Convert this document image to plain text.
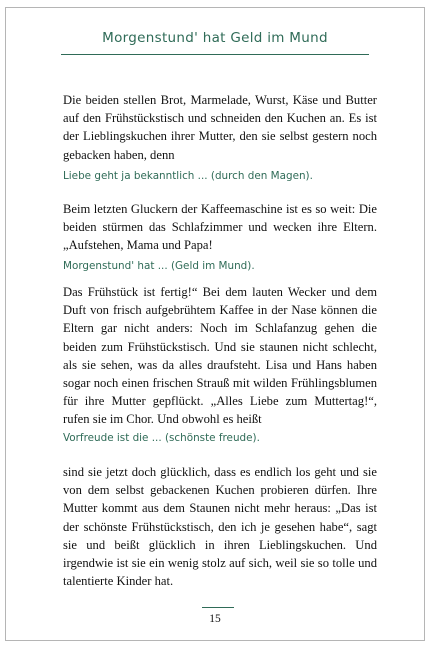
Morgenstund' hat Geld im Mund

Die beiden stellen Brot, Marmelade, Wurst, Käse und Butter auf den Frühstückstisch und schneiden den Kuchen an. Es ist der Lieblingskuchen ihrer Mutter, den sie selbst gestern noch gebacken haben, denn

Liebe geht ja bekanntlich ... (durch den Magen).

Beim letzten Gluckern der Kaffeemaschine ist es so weit: Die beiden stürmen das Schlafzimmer und wecken ihre Eltern. „Aufstehen, Mama und Papa!

Morgenstund' hat ... (Geld im Mund).

Das Frühstück ist fertig!“ Bei dem lauten Wecker und dem Duft von frisch aufgebrühtem Kaffee in der Nase können die Eltern gar nicht anders: Noch im Schlafanzug gehen die beiden zum Frühstückstisch. Und sie staunen nicht schlecht, als sie sehen, was da alles draufsteht. Lisa und Hans haben sogar noch einen frischen Strauß mit wilden Frühlingsblumen für ihre Mutter gepflückt. „Alles Liebe zum Muttertag!“, rufen sie im Chor. Und obwohl es heißt

Vorfreude ist die ... (schönste freude).

sind sie jetzt doch glücklich, dass es endlich los geht und sie von dem selbst gebackenen Kuchen probieren dürfen. Ihre Mutter kommt aus dem Staunen nicht mehr heraus: „Das ist der schönste Frühstückstisch, den ich je gesehen habe“, sagt sie und beißt glücklich in ihren Lieblingskuchen. Und irgendwie ist sie ein wenig stolz auf sich, weil sie so tolle und talentierte Kinder hat.

15
